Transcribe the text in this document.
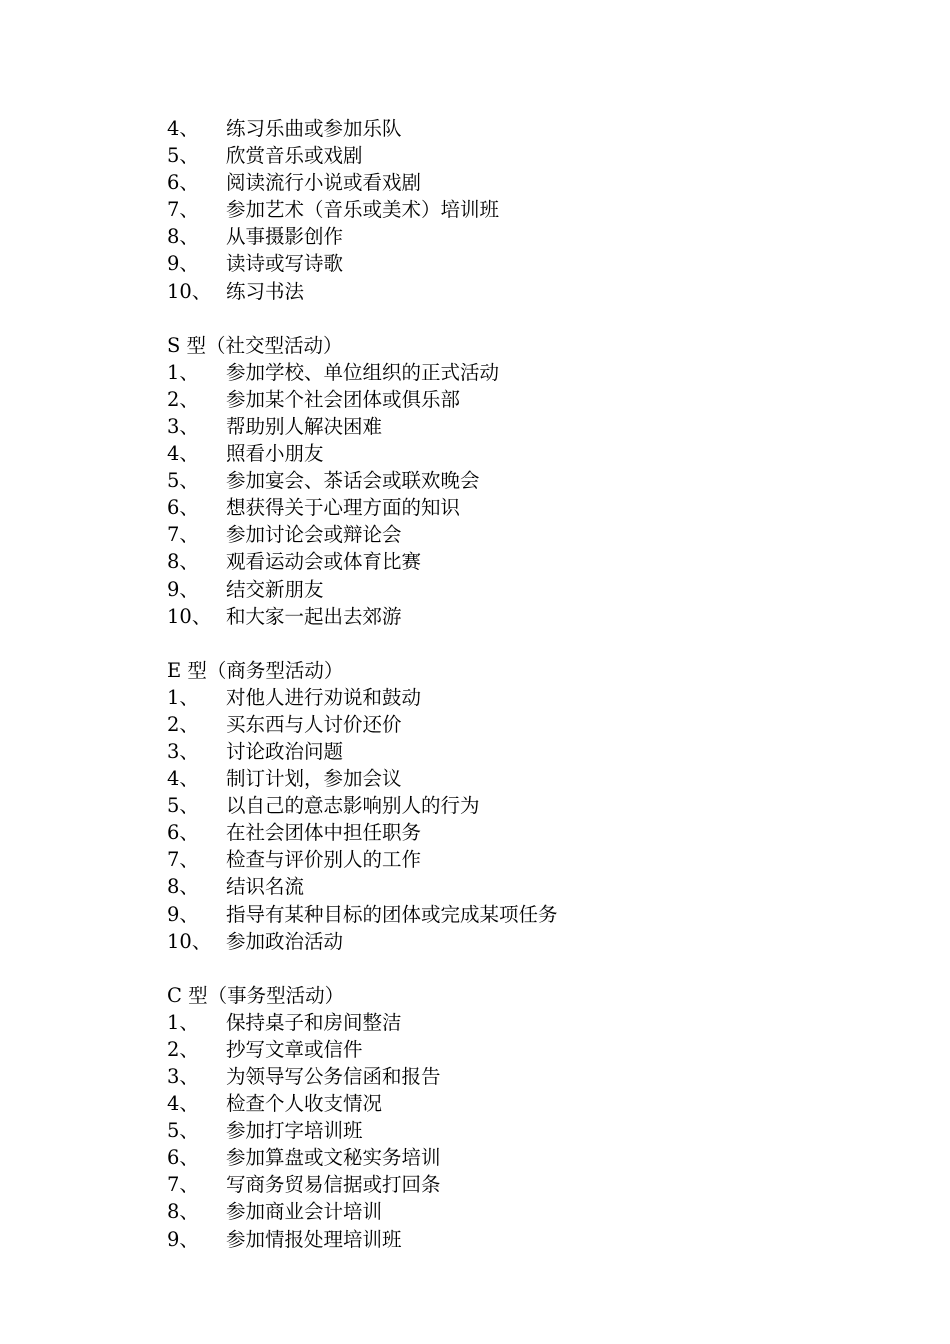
4、	练习乐曲或参加乐队
5、	欣赏音乐或戏剧
6、	阅读流行小说或看戏剧
7、	参加艺术（音乐或美术）培训班
8、	从事摄影创作
9、	读诗或写诗歌
10、 练习书法
S 型（社交型活动）
1、	参加学校、单位组织的正式活动
2、	参加某个社会团体或俱乐部
3、	帮助别人解决困难
4、	照看小朋友
5、	参加宴会、茶话会或联欢晚会
6、	想获得关于心理方面的知识
7、	参加讨论会或辩论会
8、	观看运动会或体育比赛
9、	结交新朋友
10、 和大家一起出去郊游
E 型（商务型活动）
1、	对他人进行劝说和鼓动
2、	买东西与人讨价还价
3、	讨论政治问题
4、	制订计划，参加会议
5、	以自己的意志影响别人的行为
6、	在社会团体中担任职务
7、	检查与评价别人的工作
8、	结识名流
9、	指导有某种目标的团体或完成某项任务
10、 参加政治活动
C 型（事务型活动）
1、	保持桌子和房间整洁
2、	抄写文章或信件
3、	为领导写公务信函和报告
4、	检查个人收支情况
5、	参加打字培训班
6、	参加算盘或文秘实务培训
7、	写商务贸易信据或打回条
8、	参加商业会计培训
9、	参加情报处理培训班
